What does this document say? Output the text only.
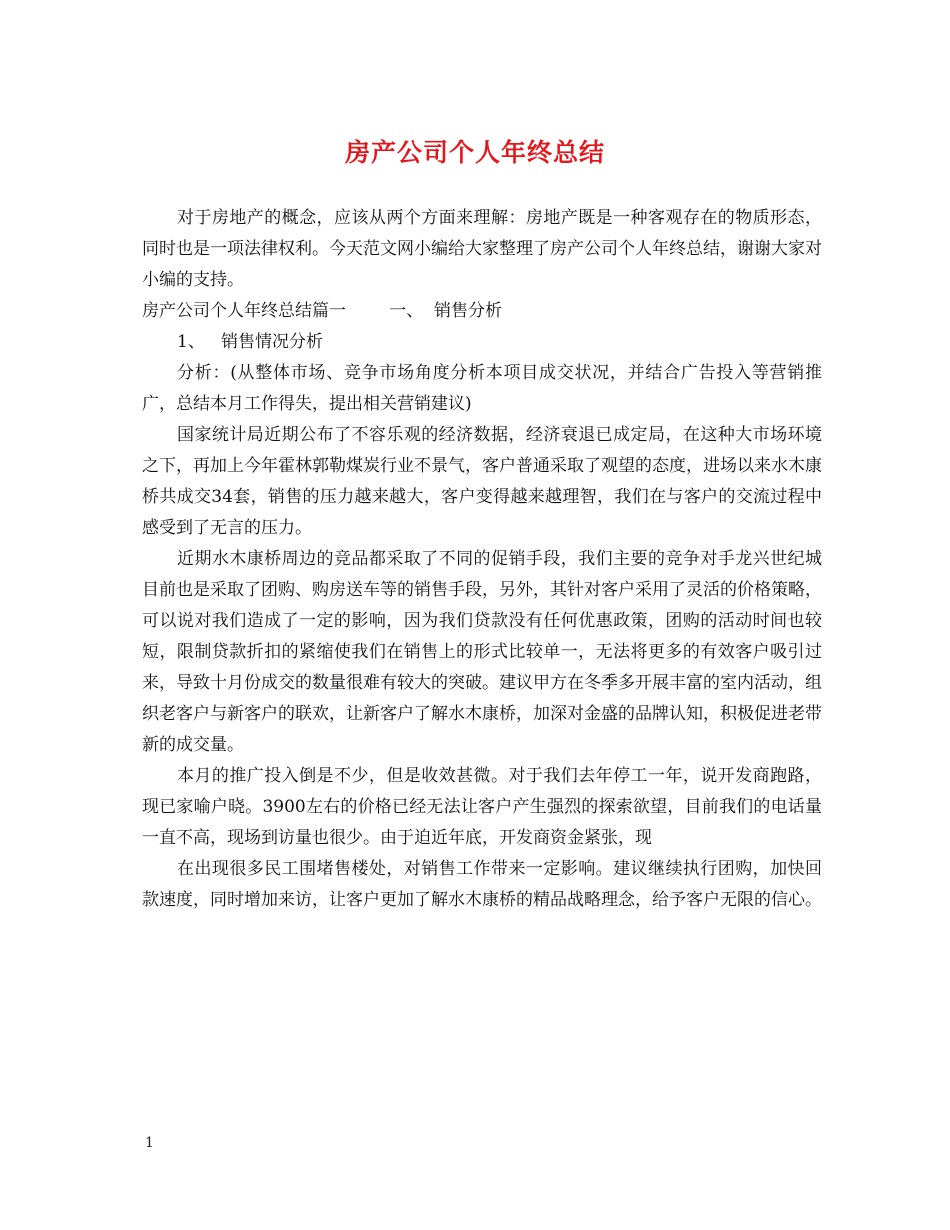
房产公司个人年终总结

对于房地产的概念，应该从两个方面来理解：房地产既是一种客观存在的物质形态，同时也是一项法律权利。今天范文网小编给大家整理了房产公司个人年终总结，谢谢大家对小编的支持。

房产公司个人年终总结篇一        一、  销售分析

1、   销售情况分析

分析：(从整体市场、竞争市场角度分析本项目成交状况，并结合广告投入等营销推广，总结本月工作得失，提出相关营销建议)

国家统计局近期公布了不容乐观的经济数据，经济衰退已成定局，在这种大市场环境之下，再加上今年霍林郭勒煤炭行业不景气，客户普通采取了观望的态度，进场以来水木康桥共成交34套，销售的压力越来越大，客户变得越来越理智，我们在与客户的交流过程中感受到了无言的压力。

近期水木康桥周边的竞品都采取了不同的促销手段，我们主要的竞争对手龙兴世纪城目前也是采取了团购、购房送车等的销售手段，另外，其针对客户采用了灵活的价格策略，可以说对我们造成了一定的影响，因为我们贷款没有任何优惠政策，团购的活动时间也较短，限制贷款折扣的紧缩使我们在销售上的形式比较单一，无法将更多的有效客户吸引过来，导致十月份成交的数量很难有较大的突破。建议甲方在冬季多开展丰富的室内活动，组织老客户与新客户的联欢，让新客户了解水木康桥，加深对金盛的品牌认知，积极促进老带新的成交量。

本月的推广投入倒是不少，但是收效甚微。对于我们去年停工一年，说开发商跑路，现已家喻户晓。3900左右的价格已经无法让客户产生强烈的探索欲望，目前我们的电话量一直不高，现场到访量也很少。由于迫近年底，开发商资金紧张，现

在出现很多民工围堵售楼处，对销售工作带来一定影响。建议继续执行团购，加快回款速度，同时增加来访，让客户更加了解水木康桥的精品战略理念，给予客户无限的信心。

1
